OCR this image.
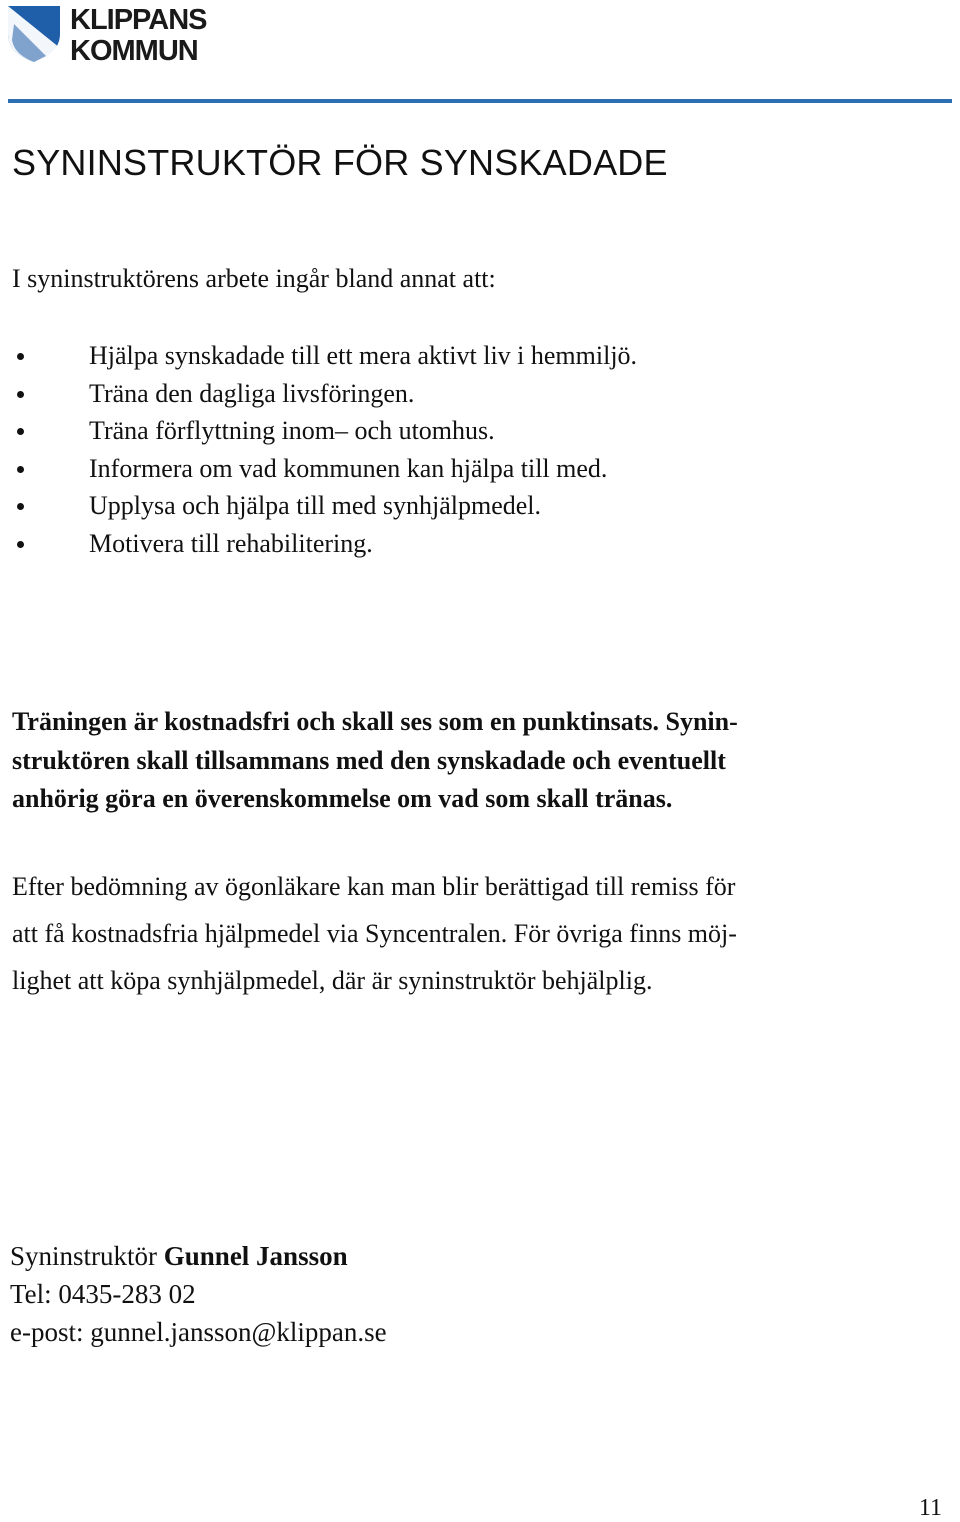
KLIPPANS
KOMMUN
SYNINSTRUKTÖR FÖR SYNSKADADE

I syninstruktörens arbete ingår bland annat att:

Hjälpa synskadade till ett mera aktivt liv i hemmiljö.
Träna den dagliga livsföringen.
Träna förflyttning inom– och utomhus.
Informera om vad kommunen kan hjälpa till med.
Upplysa och hjälpa till med synhjälpmedel.
Motivera till rehabilitering.
Träningen är kostnadsfri och skall ses som en punktinsats. Synin-
struktören skall tillsammans med den synskadade och eventuellt
anhörig göra en överenskommelse om vad som skall tränas.
Efter bedömning av ögonläkare kan man blir berättigad till remiss för
att få kostnadsfria hjälpmedel via Syncentralen. För övriga finns möj-
lighet att köpa synhjälpmedel, där är syninstruktör behjälplig.
Syninstruktör Gunnel Jansson
Tel: 0435-283 02
e-post: gunnel.jansson@klippan.se
11
